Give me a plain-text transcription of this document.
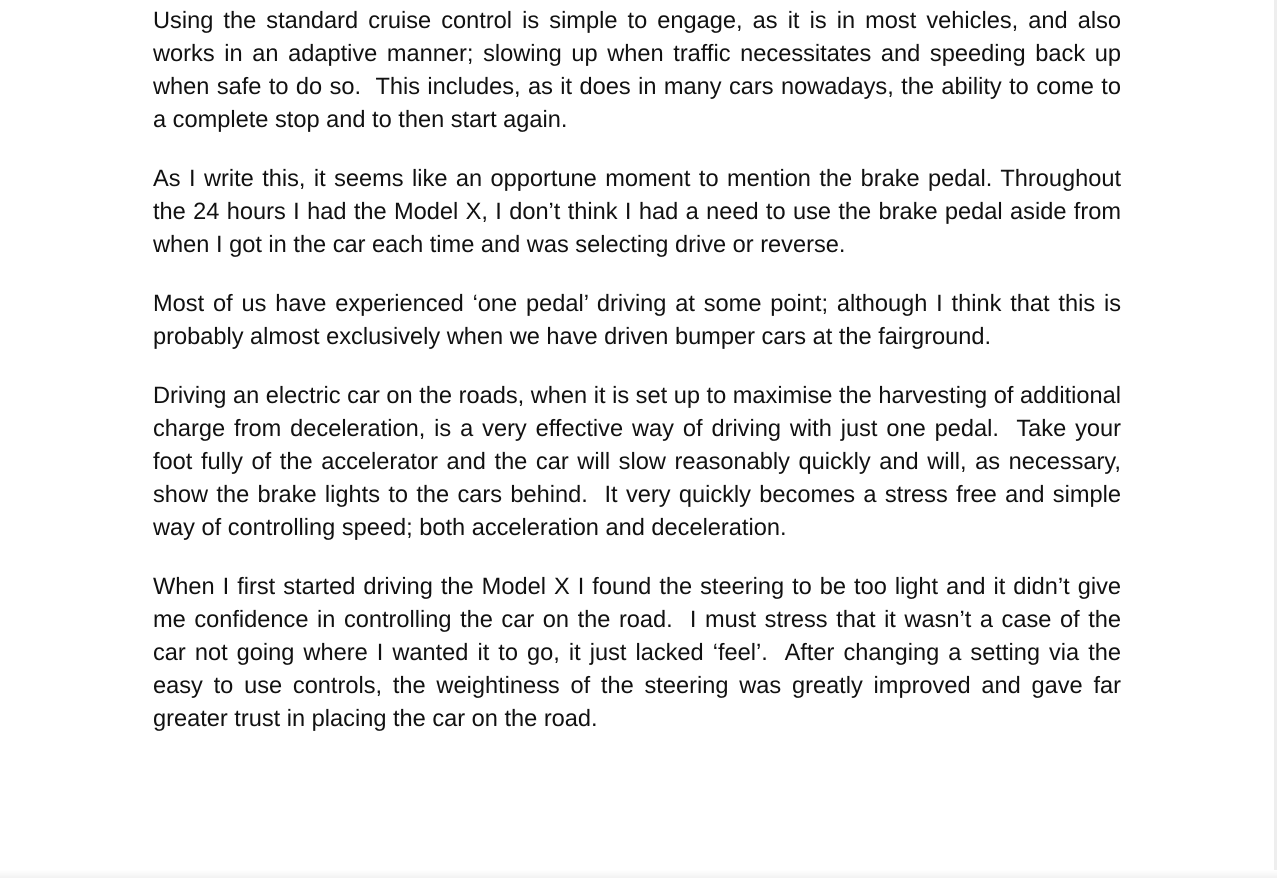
Using the standard cruise control is simple to engage, as it is in most vehicles, and also works in an adaptive manner; slowing up when traffic necessitates and speeding back up when safe to do so.  This includes, as it does in many cars nowadays, the ability to come to a complete stop and to then start again.

As I write this, it seems like an opportune moment to mention the brake pedal. Throughout the 24 hours I had the Model X, I don’t think I had a need to use the brake pedal aside from when I got in the car each time and was selecting drive or reverse.

Most of us have experienced ‘one pedal’ driving at some point; although I think that this is probably almost exclusively when we have driven bumper cars at the fairground.

Driving an electric car on the roads, when it is set up to maximise the harvesting of additional charge from deceleration, is a very effective way of driving with just one pedal.  Take your foot fully of the accelerator and the car will slow reasonably quickly and will, as necessary, show the brake lights to the cars behind.  It very quickly becomes a stress free and simple way of controlling speed; both acceleration and deceleration.

When I first started driving the Model X I found the steering to be too light and it didn’t give me confidence in controlling the car on the road.  I must stress that it wasn’t a case of the car not going where I wanted it to go, it just lacked ‘feel’.  After changing a setting via the easy to use controls, the weightiness of the steering was greatly improved and gave far greater trust in placing the car on the road.
